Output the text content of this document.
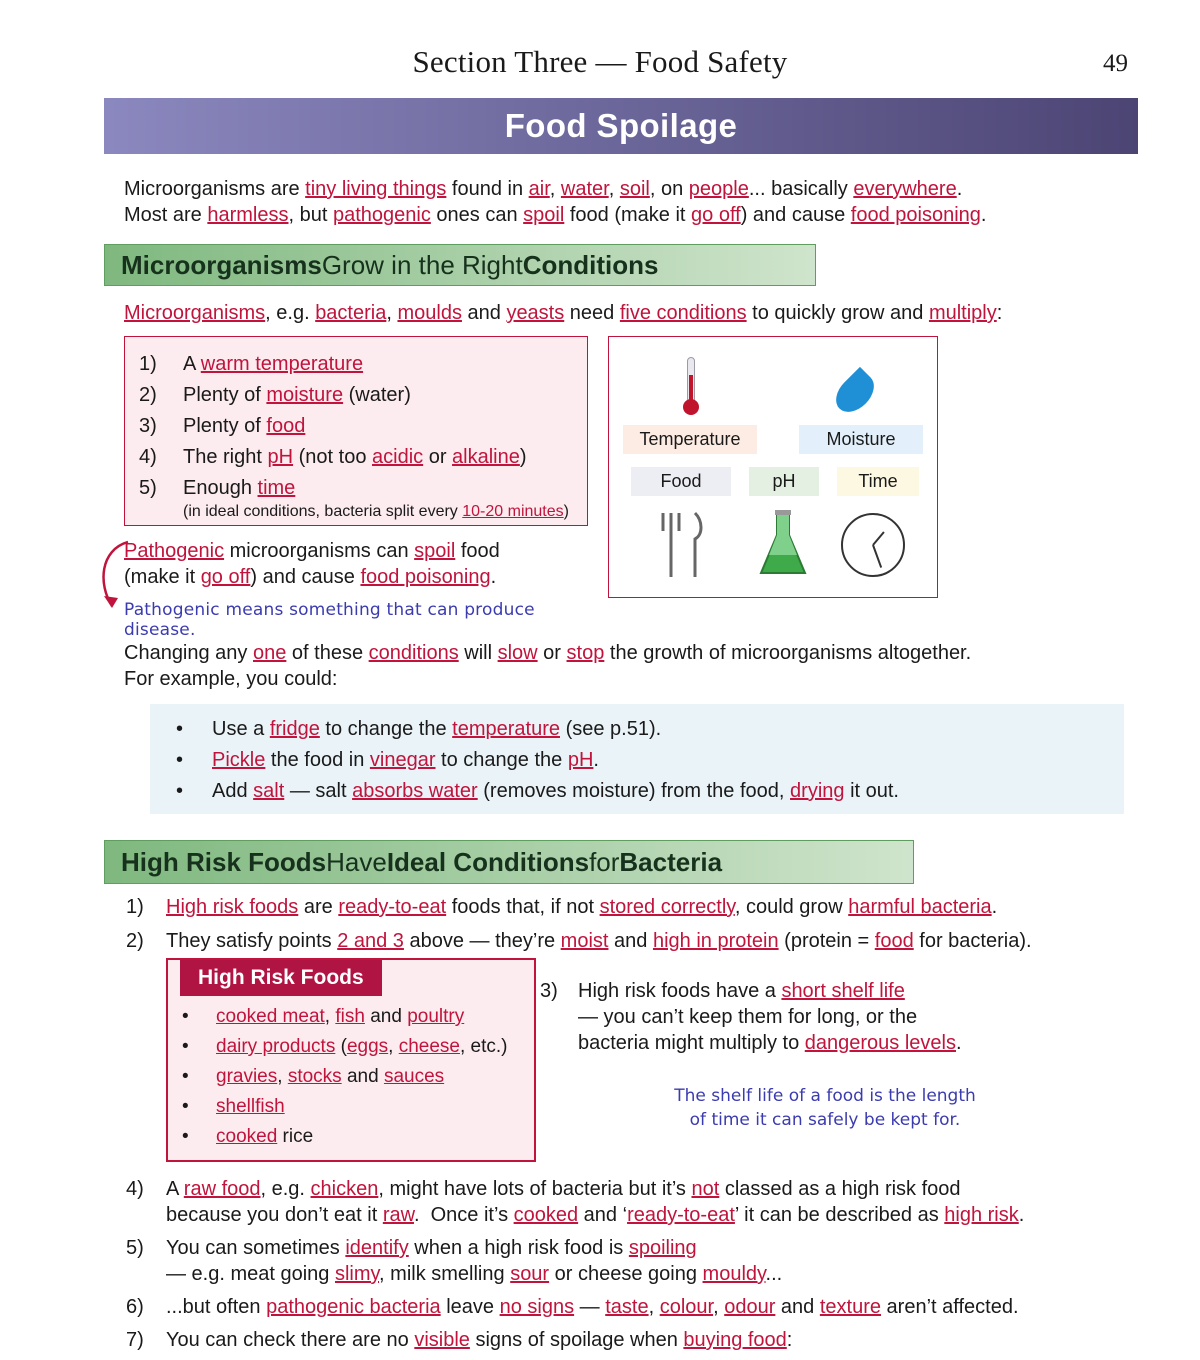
Section Three — Food Safety	49
Food Spoilage
Microorganisms are tiny living things found in air, water, soil, on people... basically everywhere.
Most are harmless, but pathogenic ones can spoil food (make it go off) and cause food poisoning.
Microorganisms Grow in the Right Conditions
Microorganisms, e.g. bacteria, moulds and yeasts need five conditions to quickly grow and multiply:
1)	A warm temperature
2)	Plenty of moisture (water)
3)	Plenty of food
4)	The right pH (not too acidic or alkaline)
5)	Enough time
(in ideal conditions, bacteria split every 10-20 minutes)
Temperature	Moisture
Food	pH	Time
Pathogenic microorganisms can spoil food
(make it go off) and cause food poisoning.
Pathogenic means something that can produce disease.
Changing any one of these conditions will slow or stop the growth of microorganisms altogether.
For example, you could:
•	Use a fridge to change the temperature (see p.51).
•	Pickle the food in vinegar to change the pH.
•	Add salt — salt absorbs water (removes moisture) from the food, drying it out.
High Risk Foods Have Ideal Conditions for Bacteria
1)	High risk foods are ready-to-eat foods that, if not stored correctly, could grow harmful bacteria.
2)	They satisfy points 2 and 3 above — they’re moist and high in protein (protein = food for bacteria).
•	cooked meat, fish and poultry
•	dairy products (eggs, cheese, etc.)
•	gravies, stocks and sauces
•	shellfish
•	cooked rice
High Risk Foods
3)	High risk foods have a short shelf life
— you can’t keep them for long, or the
bacteria might multiply to dangerous levels.
The shelf life of a food is the length
of time it can safely be kept for.
4)	A raw food, e.g. chicken, might have lots of bacteria but it’s not classed as a high risk food
because you don’t eat it raw.  Once it’s cooked and ‘ready-to-eat’ it can be described as high risk.
5)	You can sometimes identify when a high risk food is spoiling
— e.g. meat going slimy, milk smelling sour or cheese going mouldy...
6)	...but often pathogenic bacteria leave no signs — taste, colour, odour and texture aren’t affected.
7)	You can check there are no visible signs of spoilage when buying food:
